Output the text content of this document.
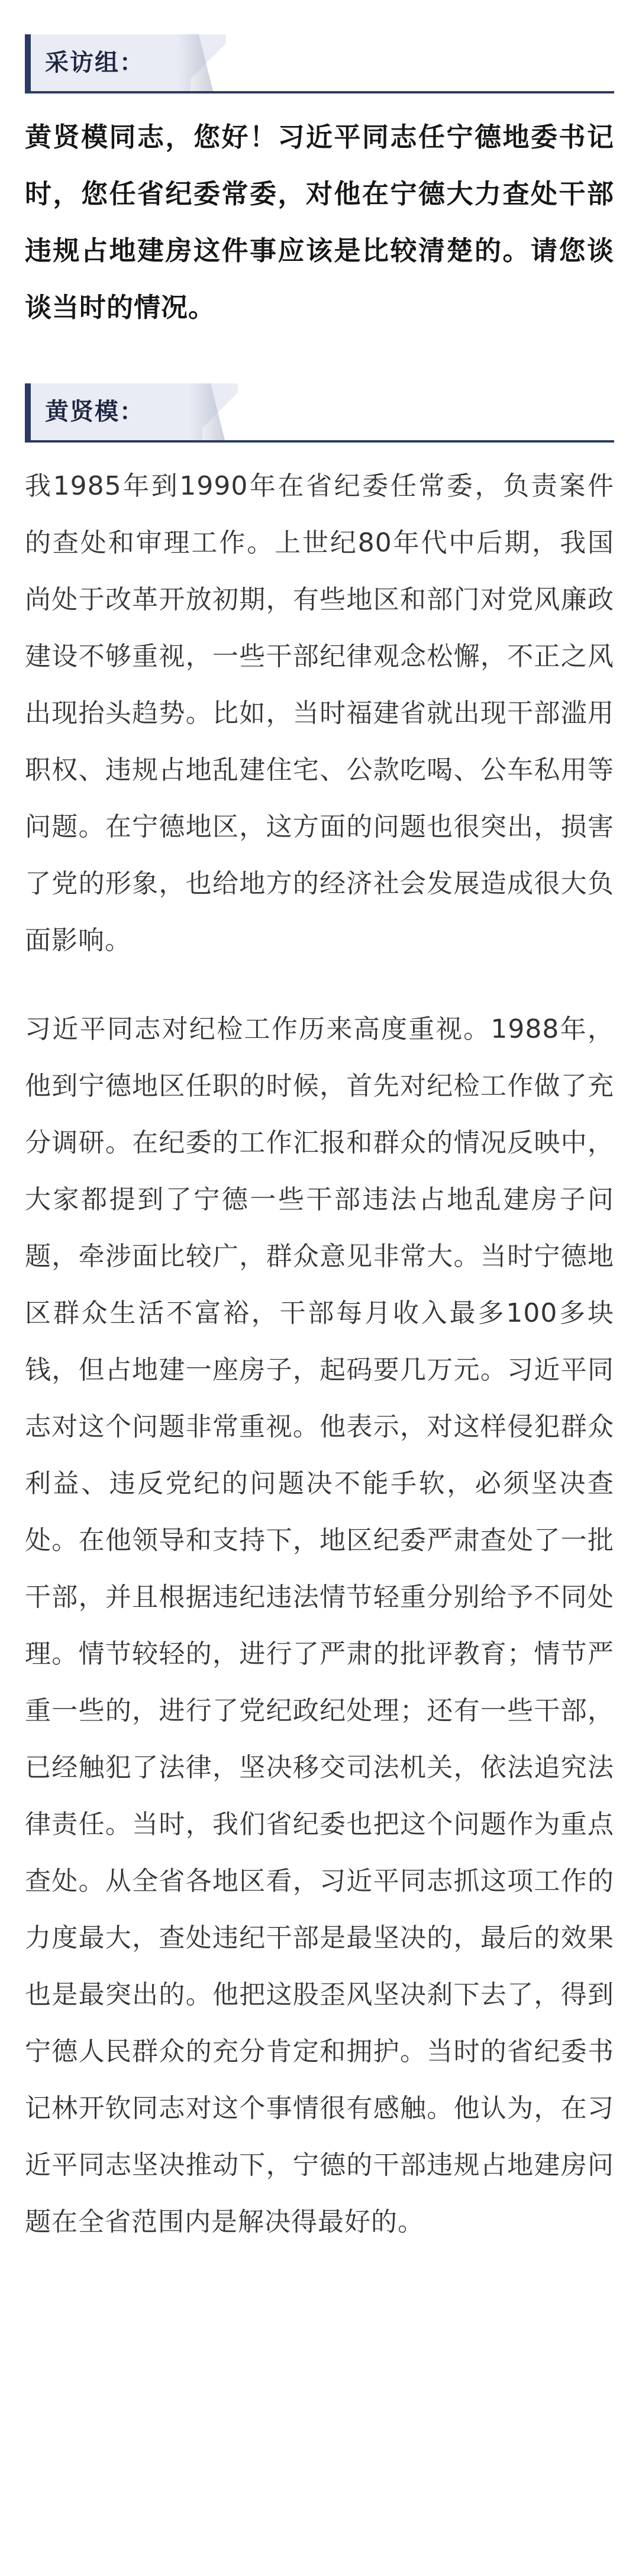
采访组：
黄贤模同志，您好！习近平同志任宁德地委书记时，您任省纪委常委，对他在宁德大力查处干部违规占地建房这件事应该是比较清楚的。请您谈谈当时的情况。
黄贤模：

我1985年到1990年在省纪委任常委，负责案件的查处和审理工作。上世纪80年代中后期，我国尚处于改革开放初期，有些地区和部门对党风廉政建设不够重视，一些干部纪律观念松懈，不正之风出现抬头趋势。比如，当时福建省就出现干部滥用职权、违规占地乱建住宅、公款吃喝、公车私用等问题。在宁德地区，这方面的问题也很突出，损害了党的形象，也给地方的经济社会发展造成很大负面影响。

习近平同志对纪检工作历来高度重视。1988年，他到宁德地区任职的时候，首先对纪检工作做了充分调研。在纪委的工作汇报和群众的情况反映中，大家都提到了宁德一些干部违法占地乱建房子问题，牵涉面比较广，群众意见非常大。当时宁德地区群众生活不富裕，干部每月收入最多100多块钱，但占地建一座房子，起码要几万元。习近平同志对这个问题非常重视。他表示，对这样侵犯群众利益、违反党纪的问题决不能手软，必须坚决查处。在他领导和支持下，地区纪委严肃查处了一批干部，并且根据违纪违法情节轻重分别给予不同处理。情节较轻的，进行了严肃的批评教育；情节严重一些的，进行了党纪政纪处理；还有一些干部，已经触犯了法律，坚决移交司法机关，依法追究法律责任。当时，我们省纪委也把这个问题作为重点查处。从全省各地区看，习近平同志抓这项工作的力度最大，查处违纪干部是最坚决的，最后的效果也是最突出的。他把这股歪风坚决刹下去了，得到宁德人民群众的充分肯定和拥护。当时的省纪委书记林开钦同志对这个事情很有感触。他认为，在习近平同志坚决推动下，宁德的干部违规占地建房问题在全省范围内是解决得最好的。
